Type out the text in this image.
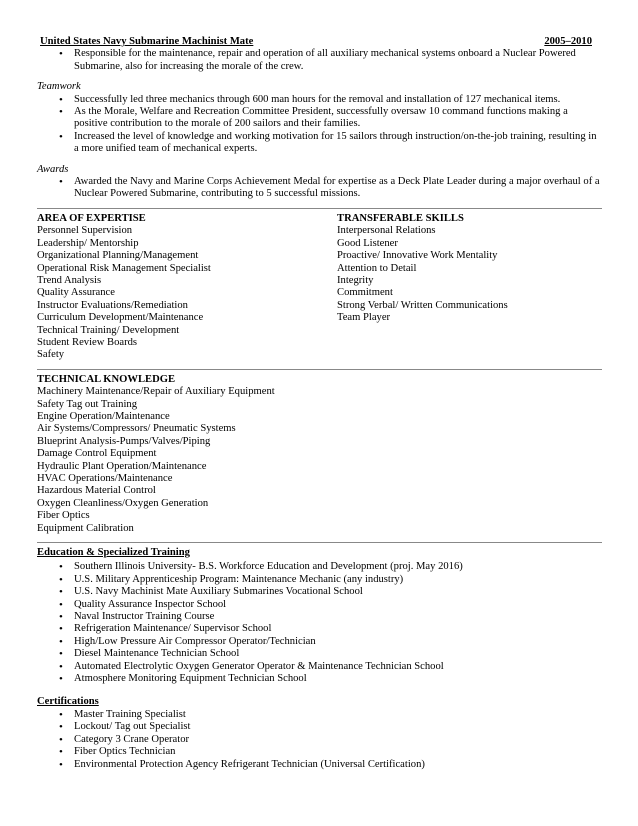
United States Navy Submarine Machinist Mate	2005–2010
• Responsible for the maintenance, repair and operation of all auxiliary mechanical systems onboard a Nuclear Powered Submarine, also for increasing the morale of the crew.
Teamwork
• Successfully led three mechanics through 600 man hours for the removal and installation of 127 mechanical items.
• As the Morale, Welfare and Recreation Committee President, successfully oversaw 10 command functions making a positive contribution to the morale of 200 sailors and their families.
• Increased the level of knowledge and working motivation for 15 sailors through instruction/on-the-job training, resulting in a more unified team of mechanical experts.
Awards
• Awarded the Navy and Marine Corps Achievement Medal for expertise as a Deck Plate Leader during a major overhaul of a Nuclear Powered Submarine, contributing to 5 successful missions.
AREA OF EXPERTISE
Personnel Supervision
Leadership/ Mentorship
Organizational Planning/Management
Operational Risk Management Specialist
Trend Analysis
Quality Assurance
Instructor Evaluations/Remediation
Curriculum Development/Maintenance
Technical Training/ Development
Student Review Boards
Safety
TRANSFERABLE SKILLS
Interpersonal Relations
Good Listener
Proactive/ Innovative Work Mentality
Attention to Detail
Integrity
Commitment
Strong Verbal/ Written Communications
Team Player
TECHNICAL KNOWLEDGE
Machinery Maintenance/Repair of Auxiliary Equipment
Safety Tag out Training
Engine Operation/Maintenance
Air Systems/Compressors/ Pneumatic Systems
Blueprint Analysis-Pumps/Valves/Piping
Damage Control Equipment
Hydraulic Plant Operation/Maintenance
HVAC Operations/Maintenance
Hazardous Material Control
Oxygen Cleanliness/Oxygen Generation
Fiber Optics
Equipment Calibration
Education & Specialized Training
• Southern Illinois University- B.S. Workforce Education and Development (proj. May 2016)
• U.S. Military Apprenticeship Program: Maintenance Mechanic (any industry)
• U.S. Navy Machinist Mate Auxiliary Submarines Vocational School
• Quality Assurance Inspector School
• Naval Instructor Training Course
• Refrigeration Maintenance/ Supervisor School
• High/Low Pressure Air Compressor Operator/Technician
• Diesel Maintenance Technician School
• Automated Electrolytic Oxygen Generator Operator & Maintenance Technician School
• Atmosphere Monitoring Equipment Technician School
Certifications
• Master Training Specialist
• Lockout/ Tag out Specialist
• Category 3 Crane Operator
• Fiber Optics Technician
• Environmental Protection Agency Refrigerant Technician (Universal Certification)
